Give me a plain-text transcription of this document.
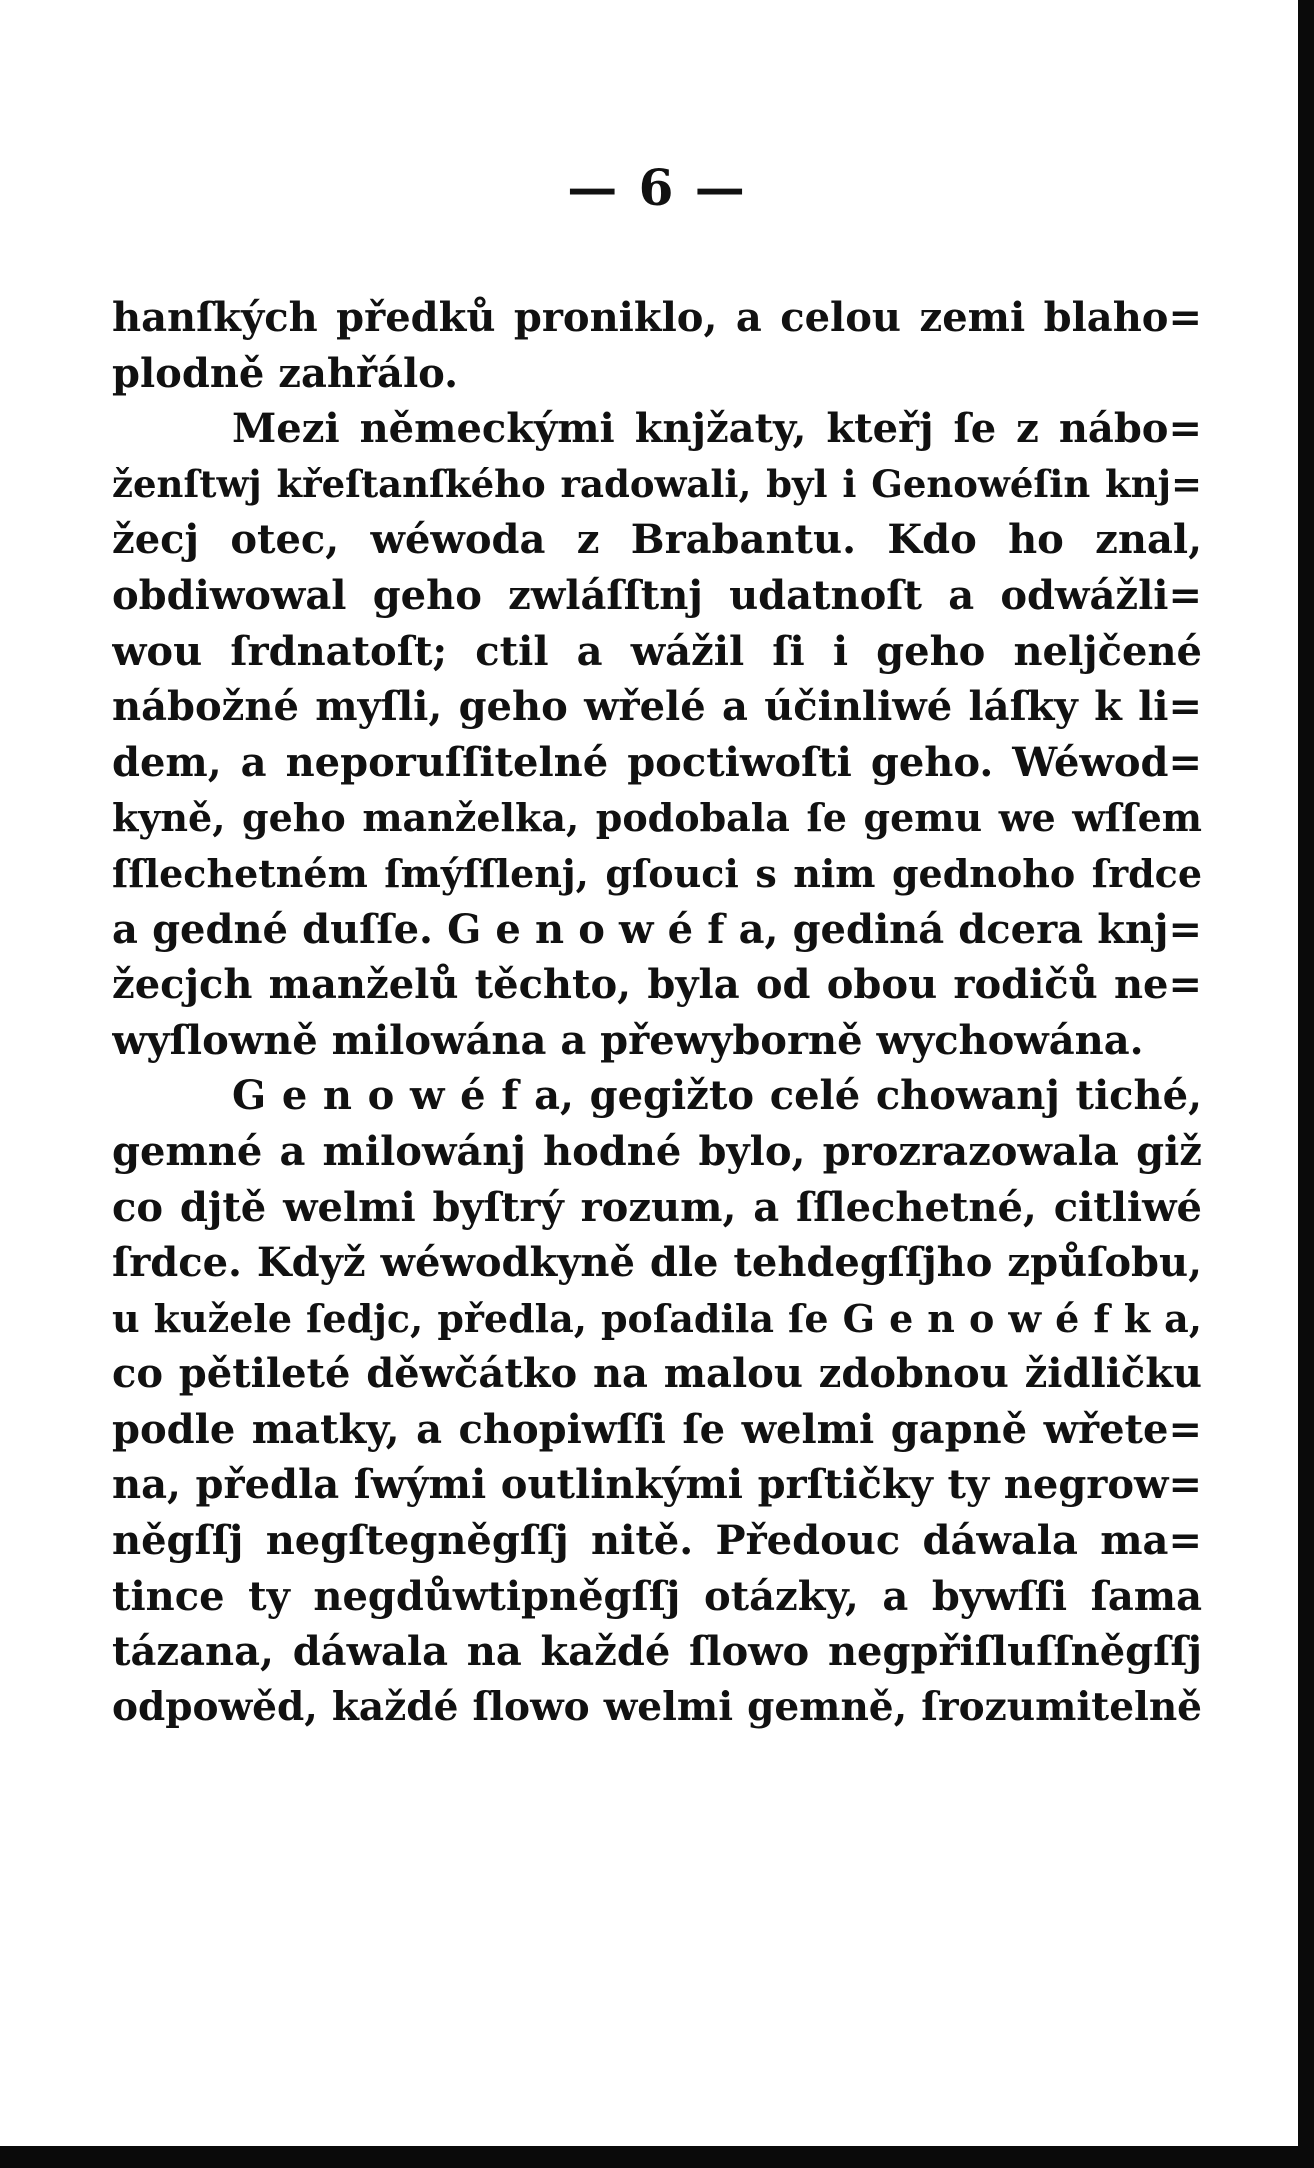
— 6 —
hanſkých předků proniklo, a celou zemi blaho=
plodně zahřálo.
Mezi německými knjžaty, kteřj ſe z nábo=
ženſtwj křeſtanſkého radowali, byl i Genowéſin knj=
žecj otec, wéwoda z Brabantu. Kdo ho znal,
obdiwowal geho zwláſſtnj udatnoſt a odwážli=
wou ſrdnatoſt; ctil a wážil ſi i geho neljčené
nábožné myſli, geho wřelé a účinliwé láſky k li=
dem, a neporuſſitelné poctiwoſti geho. Wéwod=
kyně, geho manželka, podobala ſe gemu we wſſem
ſſlechetném ſmýſſlenj, gſouci s nim gednoho ſrdce
a gedné duſſe. G e n o w é f a, gediná dcera knj=
žecjch manželů těchto, byla od obou rodičů ne=
wyſlowně milowána a přewyborně wychowána.
G e n o w é f a, gegižto celé chowanj tiché,
gemné a milowánj hodné bylo, prozrazowala giž
co djtě welmi byſtrý rozum, a ſſlechetné, citliwé
ſrdce. Když wéwodkyně dle tehdegſſjho způſobu,
u kužele ſedjc, předla, poſadila ſe G e n o w é f k a,
co pětileté děwčátko na malou zdobnou židličku
podle matky, a chopiwſſi ſe welmi gapně wřete=
na, předla ſwými outlinkými prſtičky ty negrow=
něgſſj negſtegněgſſj nitě. Předouc dáwala ma=
tince ty negdůwtipněgſſj otázky, a bywſſi ſama
tázana, dáwala na každé ſlowo negpřiſluſſněgſſj
odpowěd, každé ſlowo welmi gemně, ſrozumitelně
